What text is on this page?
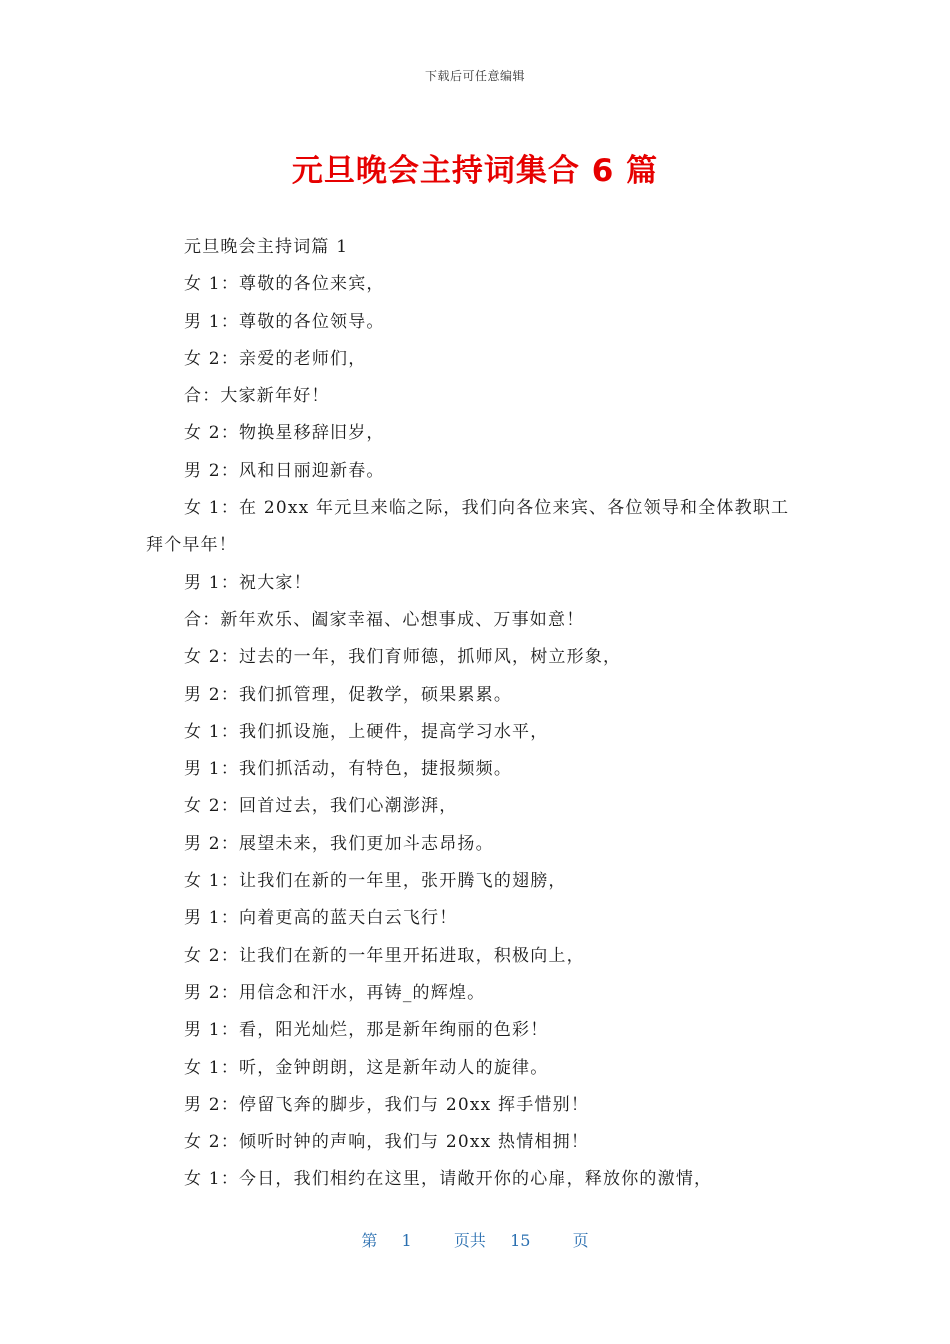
下载后可任意编辑
元旦晚会主持词集合 6 篇

元旦晚会主持词篇 1

女 1：尊敬的各位来宾，

男 1：尊敬的各位领导。

女 2：亲爱的老师们，

合：大家新年好！

女 2：物换星移辞旧岁，

男 2：风和日丽迎新春。

女 1：在 20xx 年元旦来临之际，我们向各位来宾、各位领导和全体教职工拜个早年！

男 1：祝大家！

合：新年欢乐、阖家幸福、心想事成、万事如意！

女 2：过去的一年，我们育师德，抓师风，树立形象，

男 2：我们抓管理，促教学，硕果累累。

女 1：我们抓设施，上硬件，提高学习水平，

男 1：我们抓活动，有特色，捷报频频。

女 2：回首过去，我们心潮澎湃，

男 2：展望未来，我们更加斗志昂扬。

女 1：让我们在新的一年里，张开腾飞的翅膀，

男 1：向着更高的蓝天白云飞行！

女 2：让我们在新的一年里开拓进取，积极向上，

男 2：用信念和汗水，再铸_的辉煌。

男 1：看，阳光灿烂，那是新年绚丽的色彩！

女 1：听，金钟朗朗，这是新年动人的旋律。

男 2：停留飞奔的脚步，我们与 20xx 挥手惜别！

女 2：倾听时钟的声响，我们与 20xx 热情相拥！

女 1：今日，我们相约在这里，请敞开你的心扉，释放你的激情，

第 1	页共 15	页
